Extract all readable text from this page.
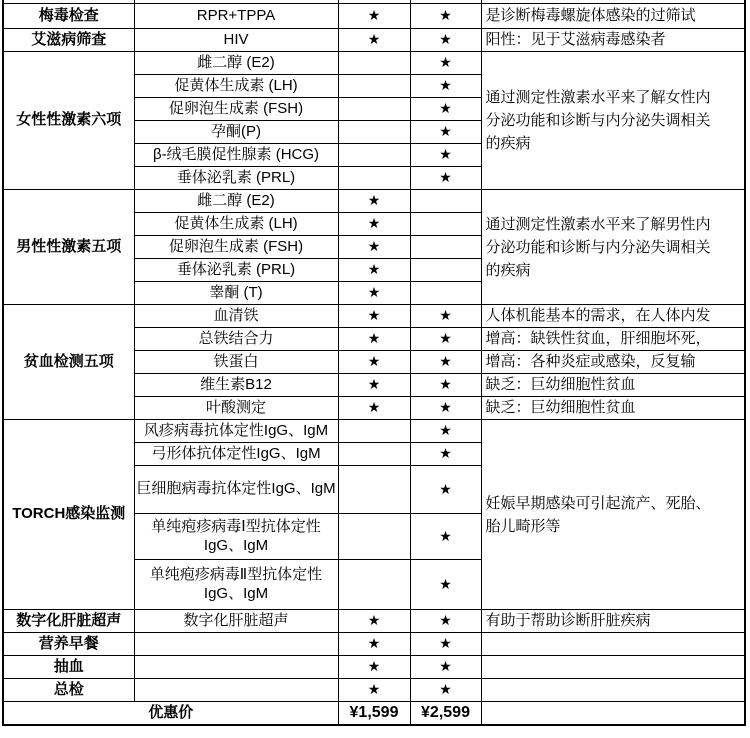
梅毒检查	RPR+TPPA	★	★	是诊断梅毒螺旋体感染的过筛试
艾滋病筛查	HIV	★	★	阳性：见于艾滋病毒感染者
女性性激素六项	雌二醇 (E2)		★	通过测定性激素水平来了解女性内分泌功能和诊断与内分泌失调相关的疾病
	促黄体生成素 (LH)		★	
	促卵泡生成素 (FSH)		★	
	孕酮(P)		★	
	β-绒毛膜促性腺素 (HCG)		★	
	垂体泌乳素 (PRL)		★	
男性性激素五项	雌二醇 (E2)	★		通过测定性激素水平来了解男性内分泌功能和诊断与内分泌失调相关的疾病
	促黄体生成素 (LH)	★		
	促卵泡生成素 (FSH)	★		
	垂体泌乳素 (PRL)	★		
	睾酮 (T)	★		
贫血检测五项	血清铁	★	★	人体机能基本的需求，在人体内发
	总铁结合力	★	★	增高：缺铁性贫血，肝细胞坏死，
	铁蛋白	★	★	增高：各种炎症或感染，反复输
	维生素B12	★	★	缺乏：巨幼细胞性贫血
	叶酸测定	★	★	缺乏：巨幼细胞性贫血
TORCH感染监测	风疹病毒抗体定性IgG、IgM		★	妊娠早期感染可引起流产、死胎、胎儿畸形等
	弓形体抗体定性IgG、IgM		★	
	巨细胞病毒抗体定性IgG、IgM		★	
	单纯疱疹病毒Ⅰ型抗体定性IgG、IgM		★	
	单纯疱疹病毒Ⅱ型抗体定性IgG、IgM		★	
数字化肝脏超声	数字化肝脏超声	★	★	有助于帮助诊断肝脏疾病
营养早餐		★	★	
抽血		★	★	
总检		★	★	
优惠价		¥1,599	¥2,599	
